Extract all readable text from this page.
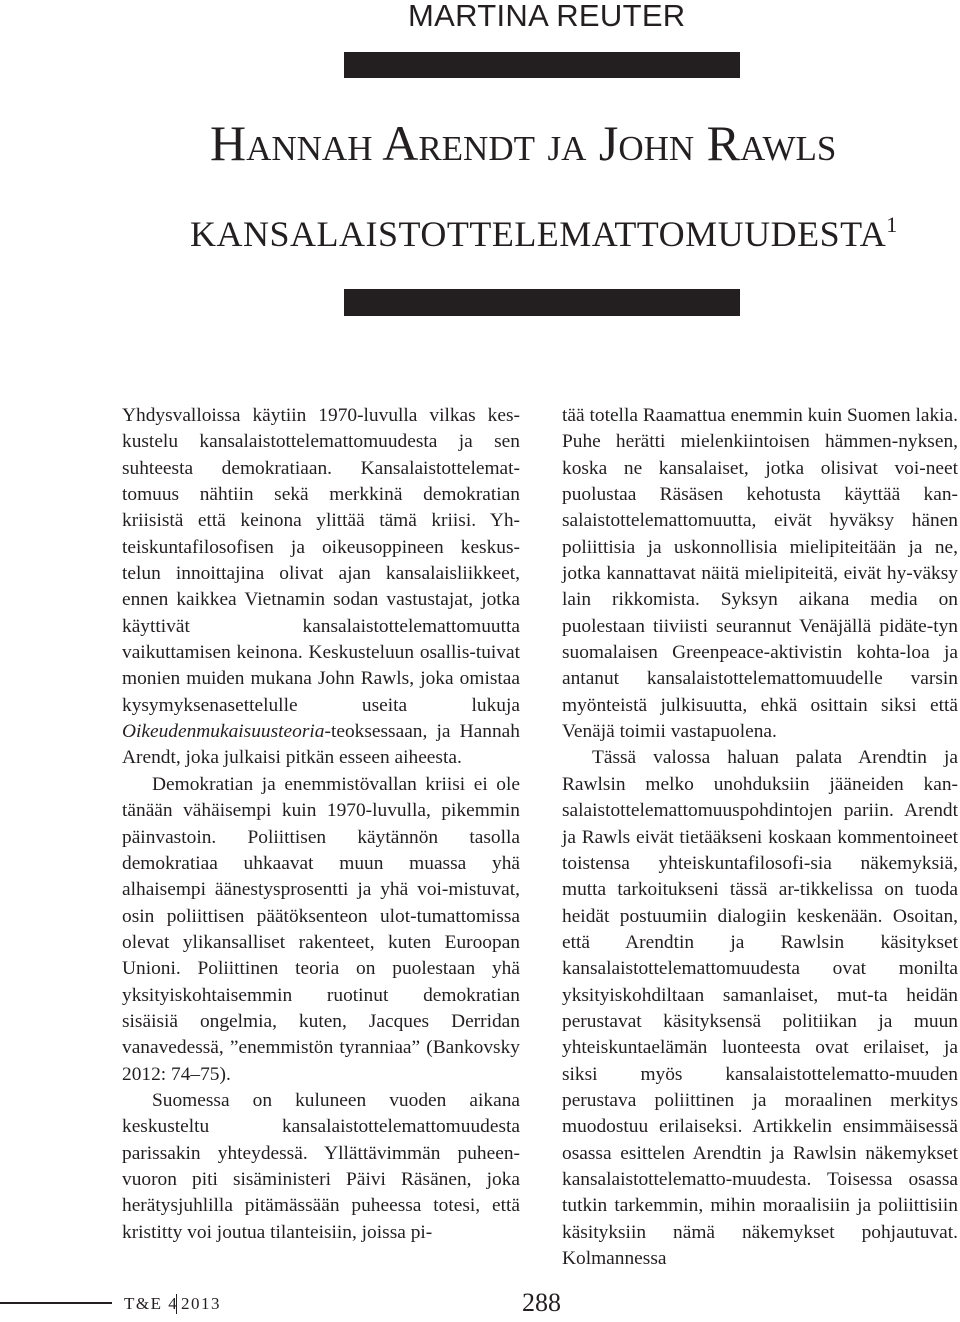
MARTINA REUTER
Hannah Arendt ja John Rawls
KANSALAISTOTTELEMATTOMUUDESTA$^1$

Yhdysvalloissa käytiin 1970-luvulla vilkas kes-kustelu kansalaistottelemattomuudesta ja sen suhteesta demokratiaan. Kansalaistottelemat-tomuus nähtiin sekä merkkinä demokratian kriisistä että keinona ylittää tämä kriisi. Yh-teiskuntafilosofisen ja oikeusoppineen keskus-telun innoittajina olivat ajan kansalaisliikkeet, ennen kaikkea Vietnamin sodan vastustajat, jotka käyttivät kansalaistottelemattomuutta vaikuttamisen keinona. Keskusteluun osallis-tuivat monien muiden mukana John Rawls, joka omistaa kysymyksenasettelulle useita	lukuja Oikeudenmukaisuusteoria-teoksessaan, ja Hannah Arendt, joka julkaisi pitkän esseen aiheesta.

Demokratian ja enemmistövallan kriisi ei ole tänään vähäisempi kuin 1970-luvulla, pikemmin päinvastoin. Poliittisen käytännön tasolla demokratiaa uhkaavat muun muassa yhä alhaisempi äänestysprosentti ja yhä voi-mistuvat, osin poliittisen päätöksenteon ulot-tumattomissa olevat ylikansalliset rakenteet, kuten Euroopan Unioni. Poliittinen teoria on puolestaan yhä yksityiskohtaisemmin ruotinut demokratian sisäisiä ongelmia, kuten, Jacques Derridan vanavedessä, ”enemmistön tyranniaa” (Bankovsky 2012: 74–75).

Suomessa on kuluneen vuoden aikana keskusteltu kansalaistottelemattomuudesta parissakin yhteydessä. Yllättävimmän puheen-vuoron piti sisäministeri Päivi Räsänen, joka herätysjuhlilla pitämässään puheessa totesi, että kristitty voi joutua tilanteisiin, joissa pi-

tää totella Raamattua enemmin kuin Suomen lakia. Puhe herätti mielenkiintoisen hämmen-nyksen, koska ne kansalaiset, jotka olisivat voi-neet puolustaa Räsäsen kehotusta käyttää kan-salaistottelemattomuutta, eivät hyväksy hänen poliittisia ja uskonnollisia mielipiteitään ja ne, jotka kannattavat näitä mielipiteitä, eivät hy-väksy lain rikkomista. Syksyn aikana media on puolestaan tiiviisti seurannut Venäjällä pidäte-tyn suomalaisen Greenpeace-aktivistin kohta-loa ja antanut kansalaistottelemattomuudelle varsin myönteistä julkisuutta, ehkä osittain siksi että Venäjä toimii vastapuolena.

Tässä valossa haluan palata Arendtin ja Rawlsin melko unohduksiin jääneiden kan-salaistottelemattomuuspohdintojen pariin. Arendt ja Rawls eivät tietääkseni koskaan kommentoineet toistensa yhteiskuntafilosofi-sia näkemyksiä, mutta tarkoitukseni tässä ar-tikkelissa on tuoda heidät postuumiin dialogiin keskenään. Osoitan, että Arendtin ja Rawlsin käsitykset kansalaistottelemattomuudesta ovat monilta yksityiskohdiltaan samanlaiset, mut-ta heidän perustavat käsityksensä politiikan ja muun yhteiskuntaelämän luonteesta ovat erilaiset, ja siksi myös kansalaistottelematto-muuden perustava poliittinen ja moraalinen merkitys muodostuu erilaiseksi. Artikkelin ensimmäisessä osassa esittelen Arendtin ja Rawlsin näkemykset kansalaistottelematto-muudesta. Toisessa osassa tutkin tarkemmin, mihin moraalisiin ja poliittisiin käsityksiin nämä näkemykset pohjautuvat. Kolmannessa

T&E 4 2013	288
